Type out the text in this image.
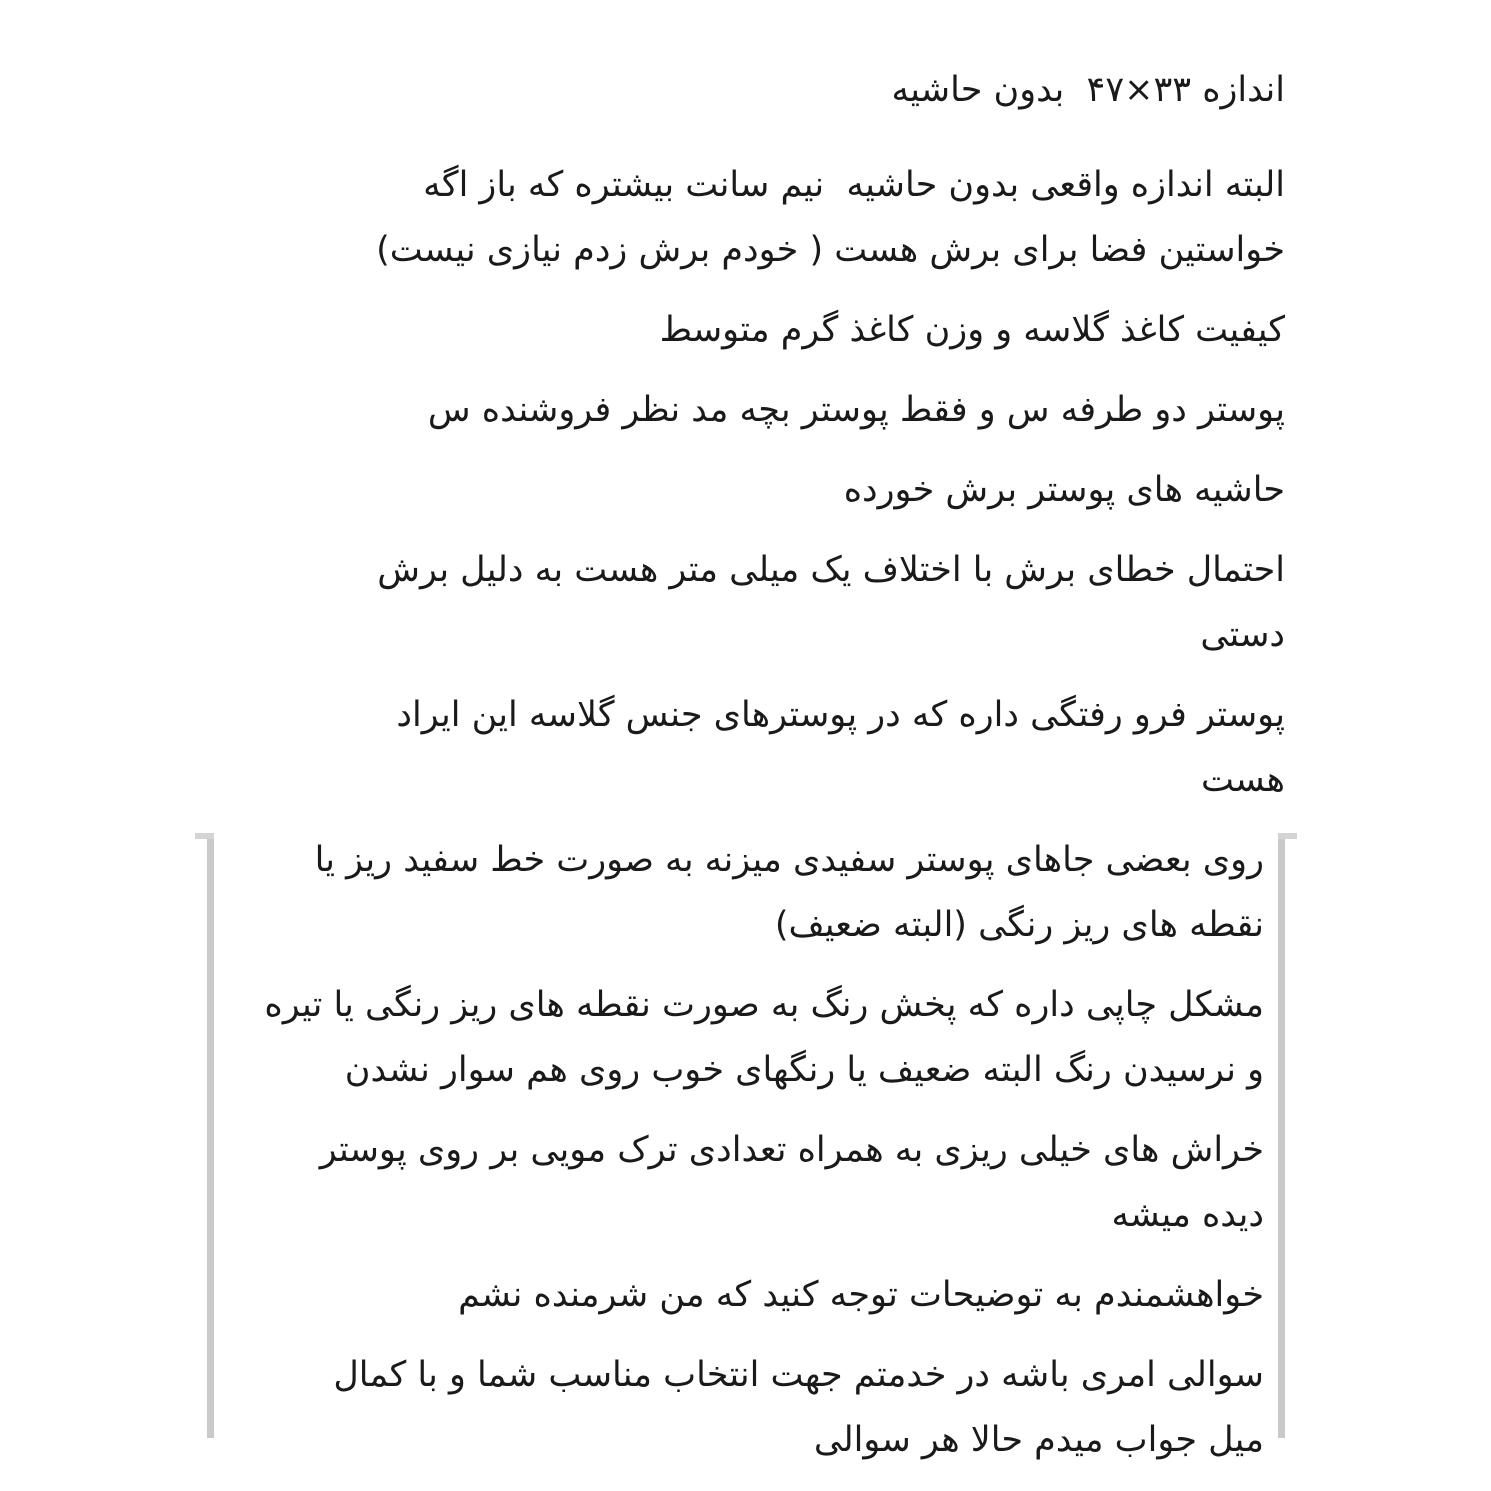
اندازه ۳۳×۴۷  بدون حاشیه
البته اندازه واقعی بدون حاشیه  نیم سانت بیشتره که باز اگه
خواستین فضا برای برش هست ( خودم برش زدم نیازی نیست)
کیفیت کاغذ گلاسه و وزن کاغذ گرم متوسط
پوستر دو طرفه س و فقط پوستر بچه مد نظر فروشنده س
حاشیه های پوستر برش خورده
احتمال خطای برش با اختلاف یک میلی متر هست به دلیل برش
دستی
پوستر فرو رفتگی داره که در پوسترهای جنس گلاسه این ایراد
هست
روی بعضی جاهای پوستر سفیدی میزنه به صورت خط سفید ریز یا
نقطه های ریز رنگی (البته ضعیف)
مشکل چاپی داره که پخش رنگ به صورت نقطه های ریز رنگی یا تیره
و نرسیدن رنگ البته ضعیف یا رنگهای خوب روی هم سوار نشدن
خراش های خیلی ریزی به همراه تعدادی ترک مویی بر روی پوستر
دیده میشه
خواهشمندم به توضیحات توجه کنید که من شرمنده نشم
سوالی امری باشه در خدمتم جهت انتخاب مناسب شما و با کمال
میل جواب میدم حالا هر سوالی
